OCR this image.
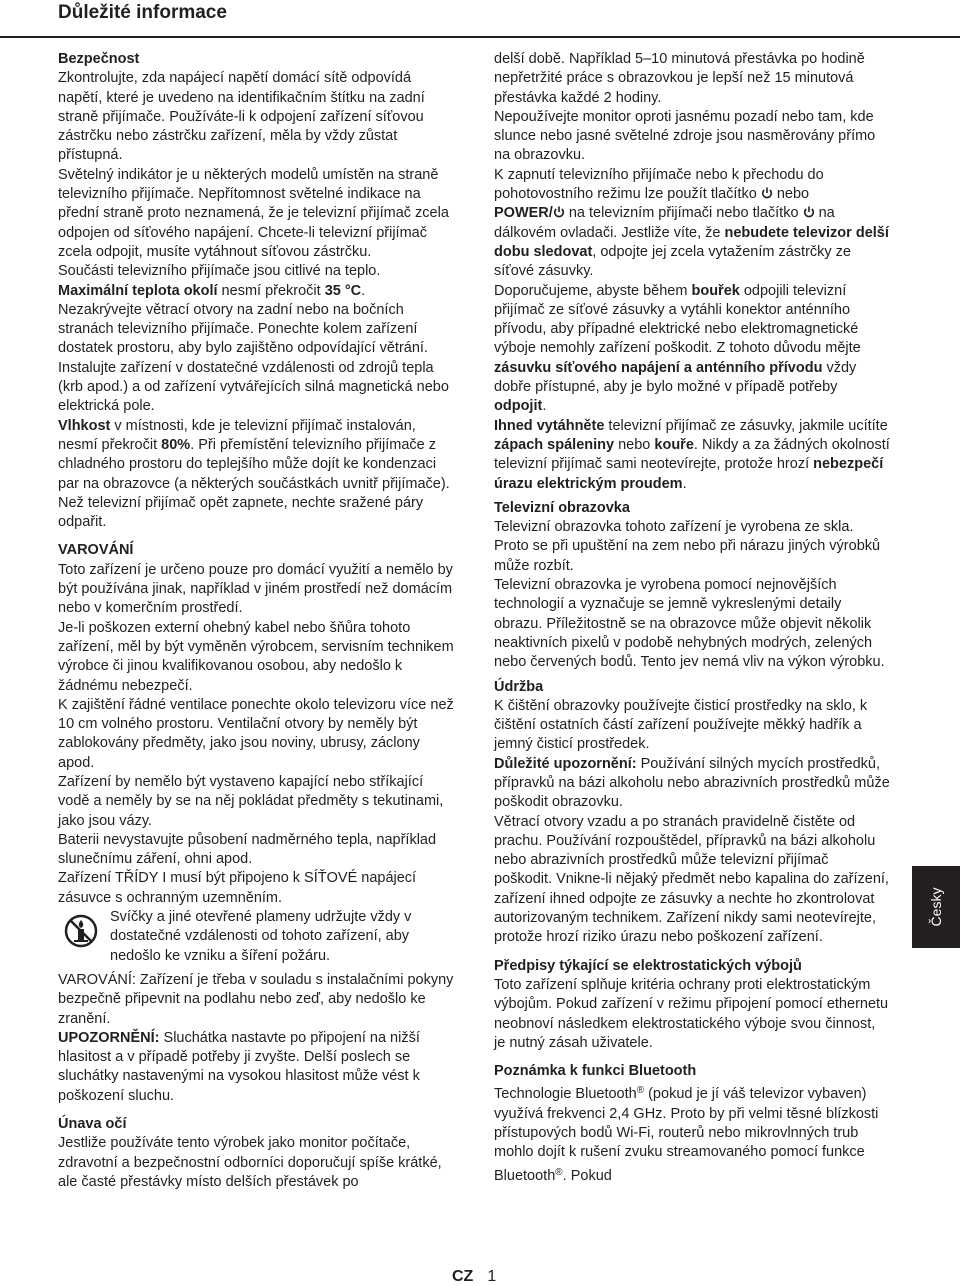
Důležité informace
Bezpečnost

Zkontrolujte, zda napájecí napětí domácí sítě odpovídá napětí, které je uvedeno na identifikačním štítku na zadní straně přijímače. Používáte-li k odpojení zařízení síťovou zástrčku nebo zástrčku zařízení, měla by vždy zůstat přístupná.

Světelný indikátor je u některých modelů umístěn na straně televizního přijímače. Nepřítomnost světelné indikace na přední straně proto neznamená, že je televizní přijímač zcela odpojen od síťového napájení. Chcete-li televizní přijímač zcela odpojit, musíte vytáhnout síťovou zástrčku.

Součásti televizního přijímače jsou citlivé na teplo.

Maximální teplota okolí nesmí překročit 35 °C.

Nezakrývejte větrací otvory na zadní nebo na bočních stranách televizního přijímače. Ponechte kolem zařízení dostatek prostoru, aby bylo zajištěno odpovídající větrání. Instalujte zařízení v dostatečné vzdálenosti od zdrojů tepla (krb apod.) a od zařízení vytvářejících silná magnetická nebo elektrická pole.

Vlhkost v místnosti, kde je televizní přijímač instalován, nesmí překročit 80%. Při přemístění televizního přijímače z chladného prostoru do teplejšího může dojít ke kondenzaci par na obrazovce (a některých součástkách uvnitř přijímače). Než televizní přijímač opět zapnete, nechte sražené páry odpařit.

VAROVÁNÍ

Toto zařízení je určeno pouze pro domácí využití a nemělo by být používána jinak, například v jiném prostředí než domácím nebo v komerčním prostředí.

Je-li poškozen externí ohebný kabel nebo šňůra tohoto zařízení, měl by být vyměněn výrobcem, servisním technikem výrobce či jinou kvalifikovanou osobou, aby nedošlo k žádnému nebezpečí.

K zajištění řádné ventilace ponechte okolo televizoru více než 10 cm volného prostoru. Ventilační otvory by neměly být zablokovány předměty, jako jsou noviny, ubrusy, záclony apod.

Zařízení by nemělo být vystaveno kapající nebo stříkající vodě a neměly by se na něj pokládat předměty s tekutinami, jako jsou vázy.

Baterii nevystavujte působení nadměrného tepla, například slunečnímu záření, ohni apod.

Zařízení TŘÍDY I musí být připojeno k SÍŤOVÉ napájecí zásuvce s ochranným uzemněním.

Svíčky a jiné otevřené plameny udržujte vždy v dostatečné vzdálenosti od tohoto zařízení, aby nedošlo ke vzniku a šíření požáru.

VAROVÁNÍ: Zařízení je třeba v souladu s instalačními pokyny bezpečně připevnit na podlahu nebo zeď, aby nedošlo ke zranění.

UPOZORNĚNÍ: Sluchátka nastavte po připojení na nižší hlasitost a v případě potřeby ji zvyšte. Delší poslech se sluchátky nastavenými na vysokou hlasitost může vést k poškození sluchu.

Únava očí

Jestliže používáte tento výrobek jako monitor počítače, zdravotní a bezpečnostní odborníci doporučují spíše krátké, ale časté přestávky místo delších přestávek po

delší době. Například 5–10 minutová přestávka po hodině nepřetržité práce s obrazovkou je lepší než 15 minutová přestávka každé 2 hodiny.

Nepoužívejte monitor oproti jasnému pozadí nebo tam, kde slunce nebo jasné světelné zdroje jsou nasměrovány přímo na obrazovku.

K zapnutí televizního přijímače nebo k přechodu do pohotovostního režimu lze použít tlačítko  nebo
POWER/ na televizním přijímači nebo tlačítko  na dálkovém ovladači. Jestliže víte, že nebudete televizor delší dobu sledovat, odpojte jej zcela vytažením zástrčky ze síťové zásuvky.

Doporučujeme, abyste během bouřek odpojili televizní přijímač ze síťové zásuvky a vytáhli konektor anténního přívodu, aby případné elektrické nebo elektromagnetické výboje nemohly zařízení poškodit. Z tohoto důvodu mějte zásuvku síťového napájení a anténního přívodu vždy dobře přístupné, aby je bylo možné v případě potřeby odpojit.

Ihned vytáhněte televizní přijímač ze zásuvky, jakmile ucítíte zápach spáleniny nebo kouře. Nikdy a za žádných okolností televizní přijímač sami neotevírejte, protože hrozí nebezpečí úrazu elektrickým proudem.

Televizní obrazovka

Televizní obrazovka tohoto zařízení je vyrobena ze skla. Proto se při upuštění na zem nebo při nárazu jiných výrobků může rozbít.

Televizní obrazovka je vyrobena pomocí nejnovějších technologií a vyznačuje se jemně vykreslenými detaily obrazu. Příležitostně se na obrazovce může objevit několik neaktivních pixelů v podobě nehybných modrých, zelených nebo červených bodů. Tento jev nemá vliv na výkon výrobku.

Údržba

K čištění obrazovky používejte čisticí prostředky na sklo, k čištění ostatních částí zařízení používejte měkký hadřík a jemný čisticí prostředek.

Důležité upozornění: Používání silných mycích prostředků, přípravků na bázi alkoholu nebo abrazivních prostředků může poškodit obrazovku.

Větrací otvory vzadu a po stranách pravidelně čistěte od prachu. Používání rozpouštědel, přípravků na bázi alkoholu nebo abrazivních prostředků může televizní přijímač poškodit. Vnikne-li nějaký předmět nebo kapalina do zařízení, zařízení ihned odpojte ze zásuvky a nechte ho zkontrolovat autorizovaným technikem. Zařízení nikdy sami neotevírejte, protože hrozí riziko úrazu nebo poškození zařízení.

Předpisy týkající se elektrostatických výbojů

Toto zařízení splňuje kritéria ochrany proti elektrostatickým výbojům. Pokud zařízení v režimu připojení pomocí ethernetu neobnoví následkem elektrostatického výboje svou činnost, je nutný zásah uživatele.

Poznámka k funkci Bluetooth

Technologie Bluetooth® (pokud je jí váš televizor vybaven) využívá frekvenci 2,4 GHz. Proto by při velmi těsné blízkosti přístupových bodů Wi-Fi, routerů nebo mikrovlnných trub mohlo dojít k rušení zvuku streamovaného pomocí funkce Bluetooth®. Pokud

Česky
CZ 1
